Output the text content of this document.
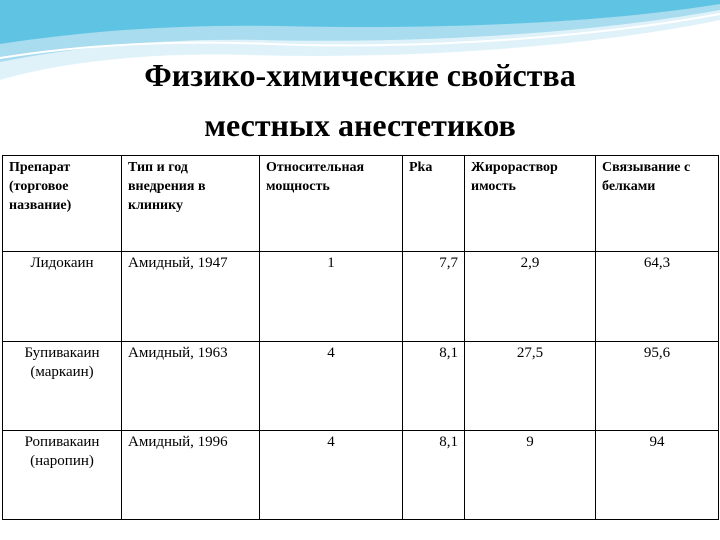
Физико-химические свойства
местных анестетиков
Препарат (торговое название)	Тип и год внедрения в клинику	Относительная мощность	Pka	Жирораствор имость	Связывание с белками
Лидокаин	Амидный, 1947	1	7,7	2,9	64,3
Бупивакаин (маркаин)	Амидный, 1963	4	8,1	27,5	95,6
Ропивакаин (наропин)	Амидный, 1996	4	8,1	9	94
